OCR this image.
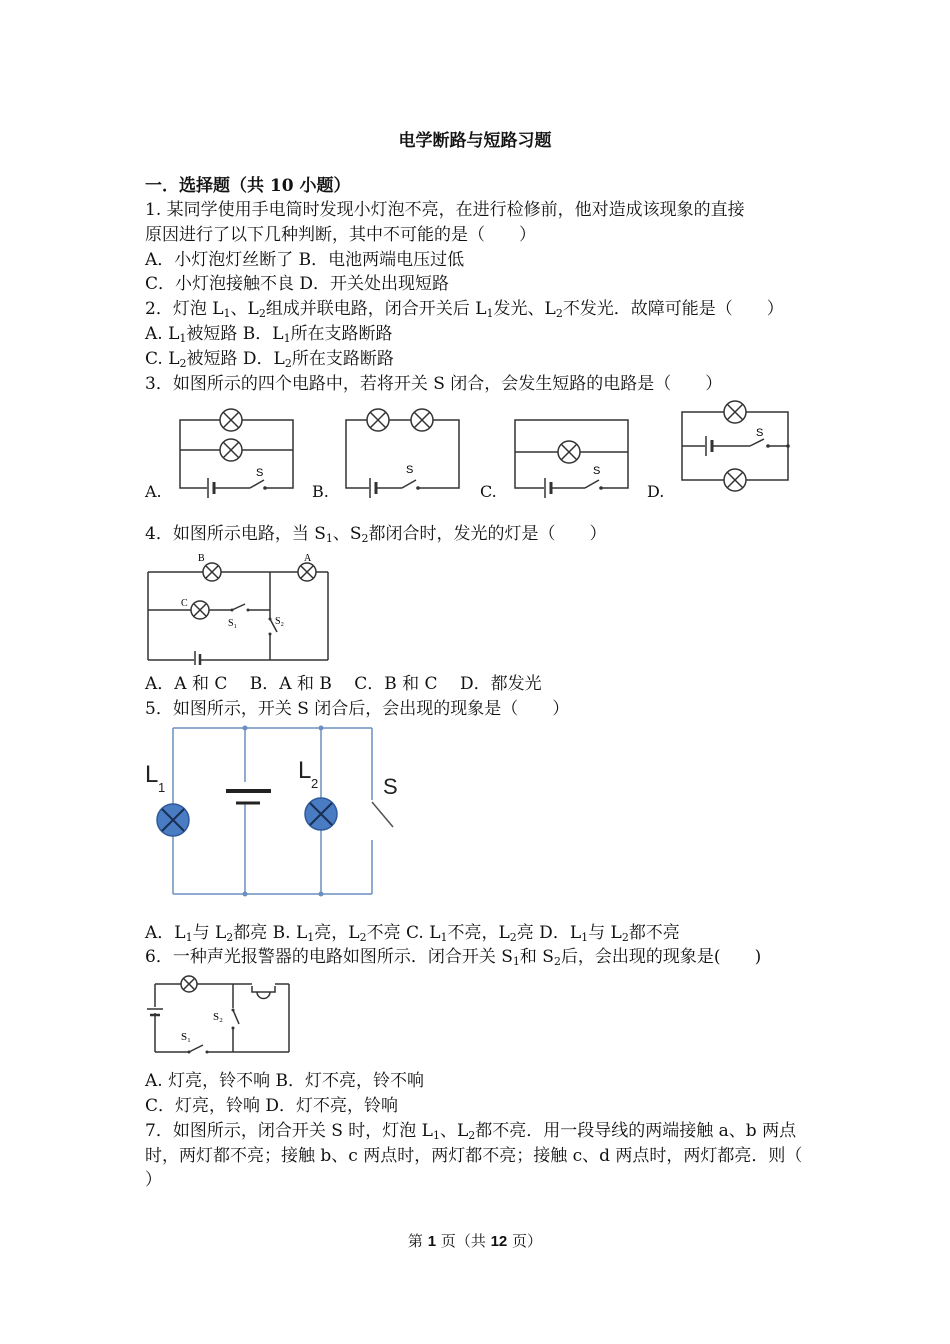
电学断路与短路习题
一．选择题（共 10 小题）
1. 某同学使用手电筒时发现小灯泡不亮，在进行检修前，他对造成该现象的直接
原因进行了以下几种判断，其中不可能的是（　　）
A．小灯泡灯丝断了 B．电池两端电压过低
C．小灯泡接触不良 D．开关处出现短路
2．灯泡 $L_1$、$L_2$组成并联电路，闭合开关后 $L_1$发光、$L_2$不发光．故障可能是（　　）
A. $L_1$被短路 B．$L_1$所在支路断路
C. $L_2$被短路 D．$L_2$所在支路断路
3．如图所示的四个电路中，若将开关 S 闭合，会发生短路的电路是（　　）
A.	B.	C.	D.
S	S	S
S
4．如图所示电路，当 $S_1$、$S_2$都闭合时，发光的灯是（　　）
B	A
C
S₁	S₂
A．A 和 C　 B．A 和 B　 C．B 和 C　 D．都发光
5．如图所示，开关 S 闭合后，会出现的现象是（　　）
L 1
L 2	S
A．$L_1$与 $L_2$都亮 B. $L_1$亮，$L_2$不亮 C. $L_1$不亮，$L_2$亮 D．$L_1$与 $L_2$都不亮
6．一种声光报警器的电路如图所示．闭合开关 $S_1$和 $S_2$后，会出现的现象是(　　)
S₂
S₁
A. 灯亮，铃不响 B．灯不亮，铃不响
C．灯亮，铃响 D．灯不亮，铃响
7．如图所示，闭合开关 S 时，灯泡 $L_1$、$L_2$都不亮．用一段导线的两端接触 a、b 两点
时，两灯都不亮；接触 b、c 两点时，两灯都不亮；接触 c、d 两点时，两灯都亮．则（
）
第 1 页（共 12 页）
